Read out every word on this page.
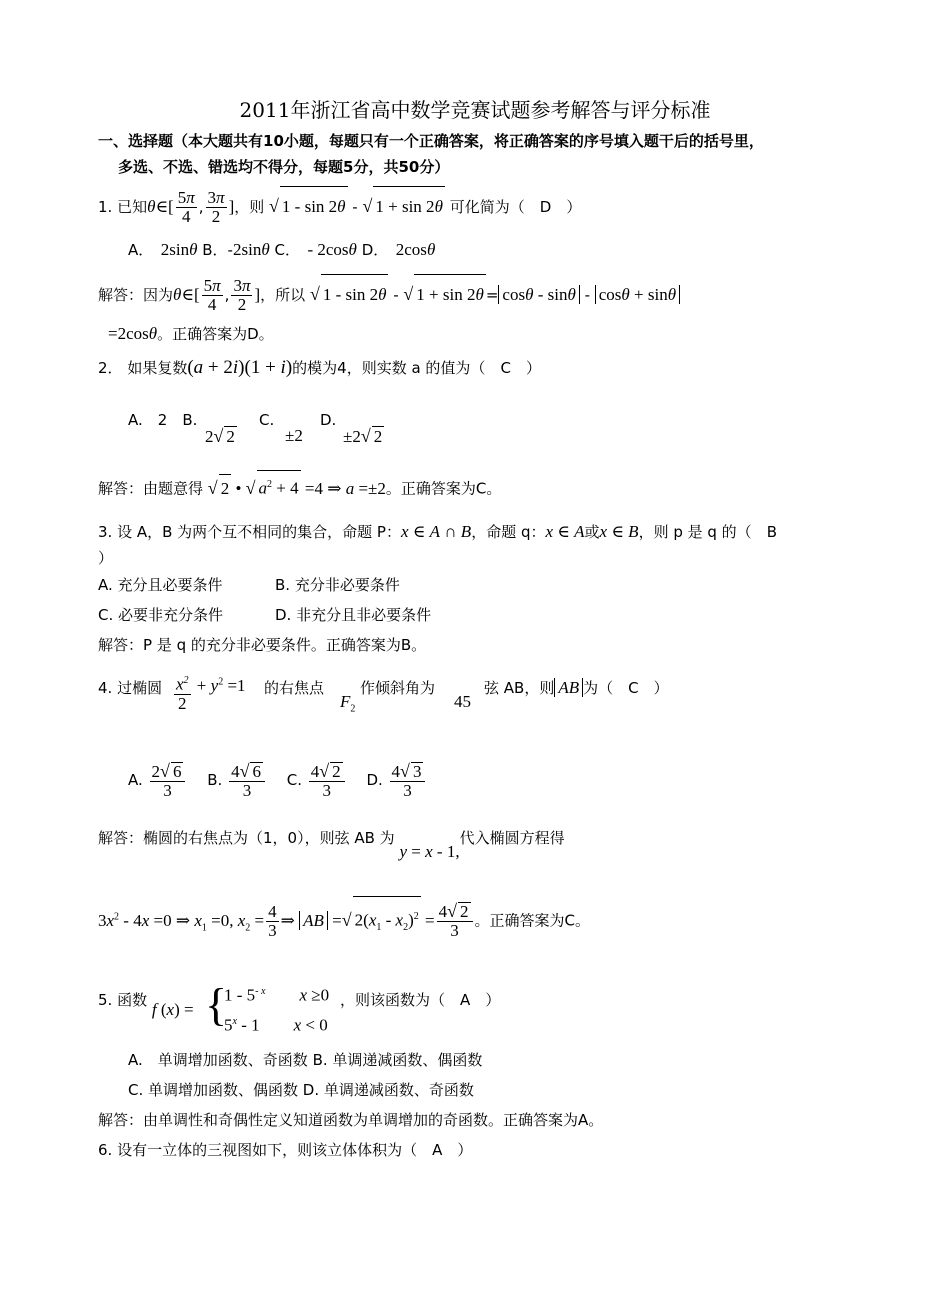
2011年浙江省高中数学竞赛试题参考解答与评分标准
一、选择题（本大题共有10小题，每题只有一个正确答案，将正确答案的序号填入题干后的括号里，
多选、不选、错选均不得分，每题5分，共50分）
1. 已知θ∈[ $\frac{5\pi}{4}$ , $\frac{3\pi}{2}$ ]，则 √ 1 - sin 2θ - √ 1 + sin 2θ 可化简为（　 D　 ）
A．　 2sinθ B．-2sinθ C．　 - 2cosθ D．　 2cosθ
解答：因为θ∈[ $\frac{5\pi}{4}$ , $\frac{3\pi}{2}$ ]，所以 √ 1 - sin 2θ - √ 1 + sin 2θ = cosθ - sinθ - cosθ + sinθ
=2cosθ。正确答案为D。
2． 如果复数(a + 2i)(1 + i)的模为4，则实数 a 的值为（　 C　 ）
A.　2　 B.
2√ 2
C.
±2
D.
±2√ 2
解答：由题意得 √ 2 • √ $a^2 + 4 =4$ ⇒ a =±2。正确答案为C。
3. 设 A，B 为两个互不相同的集合，命题 P：x ∈ A ∩ B，命题 q：x ∈ A或x ∈ B，则 p 是 q 的（　 B
）
A. 充分且必要条件	B. 充分非必要条件
C. 必要非充分条件	D. 非充分且非必要条件
解答：P 是 q 的充分非必要条件。正确答案为B。
4. 过椭圆 $\frac{x^2}{2} + y^2 =1$ 的右焦点
$F_2$
作倾斜角为
45
弦 AB，则 AB 为（　 C　 ）
A. $\frac{2√ 6}{3}$
　 B. $\frac{4√ 6}{3}$
　 C. $\frac{4√ 2}{3}$
　 D. $\frac{4√ 3}{3}$
解答：椭圆的右焦点为（1，0），则弦 AB 为 y = x - 1,代入椭圆方程得
$3x^2 - 4x =0$ ⇒ $x_1 =0$, $x_2 = \frac{4}{3}$ ⇒ AB =√ $2(x_1 - x_2)^2 = \frac{4√ 2}{3}$ 。正确答案为C。
5. 函数 f (x) = {
$1 - 5^{- x}$　　 x ≥0
5$^x$ - 1　　x < 0
，则该函数为（　 A　 ）
A.　单调增加函数、奇函数 B. 单调递减函数、偶函数
C. 单调增加函数、偶函数 D. 单调递减函数、奇函数
解答：由单调性和奇偶性定义知道函数为单调增加的奇函数。正确答案为A。
6. 设有一立体的三视图如下，则该立体体积为（　 A　 ）
